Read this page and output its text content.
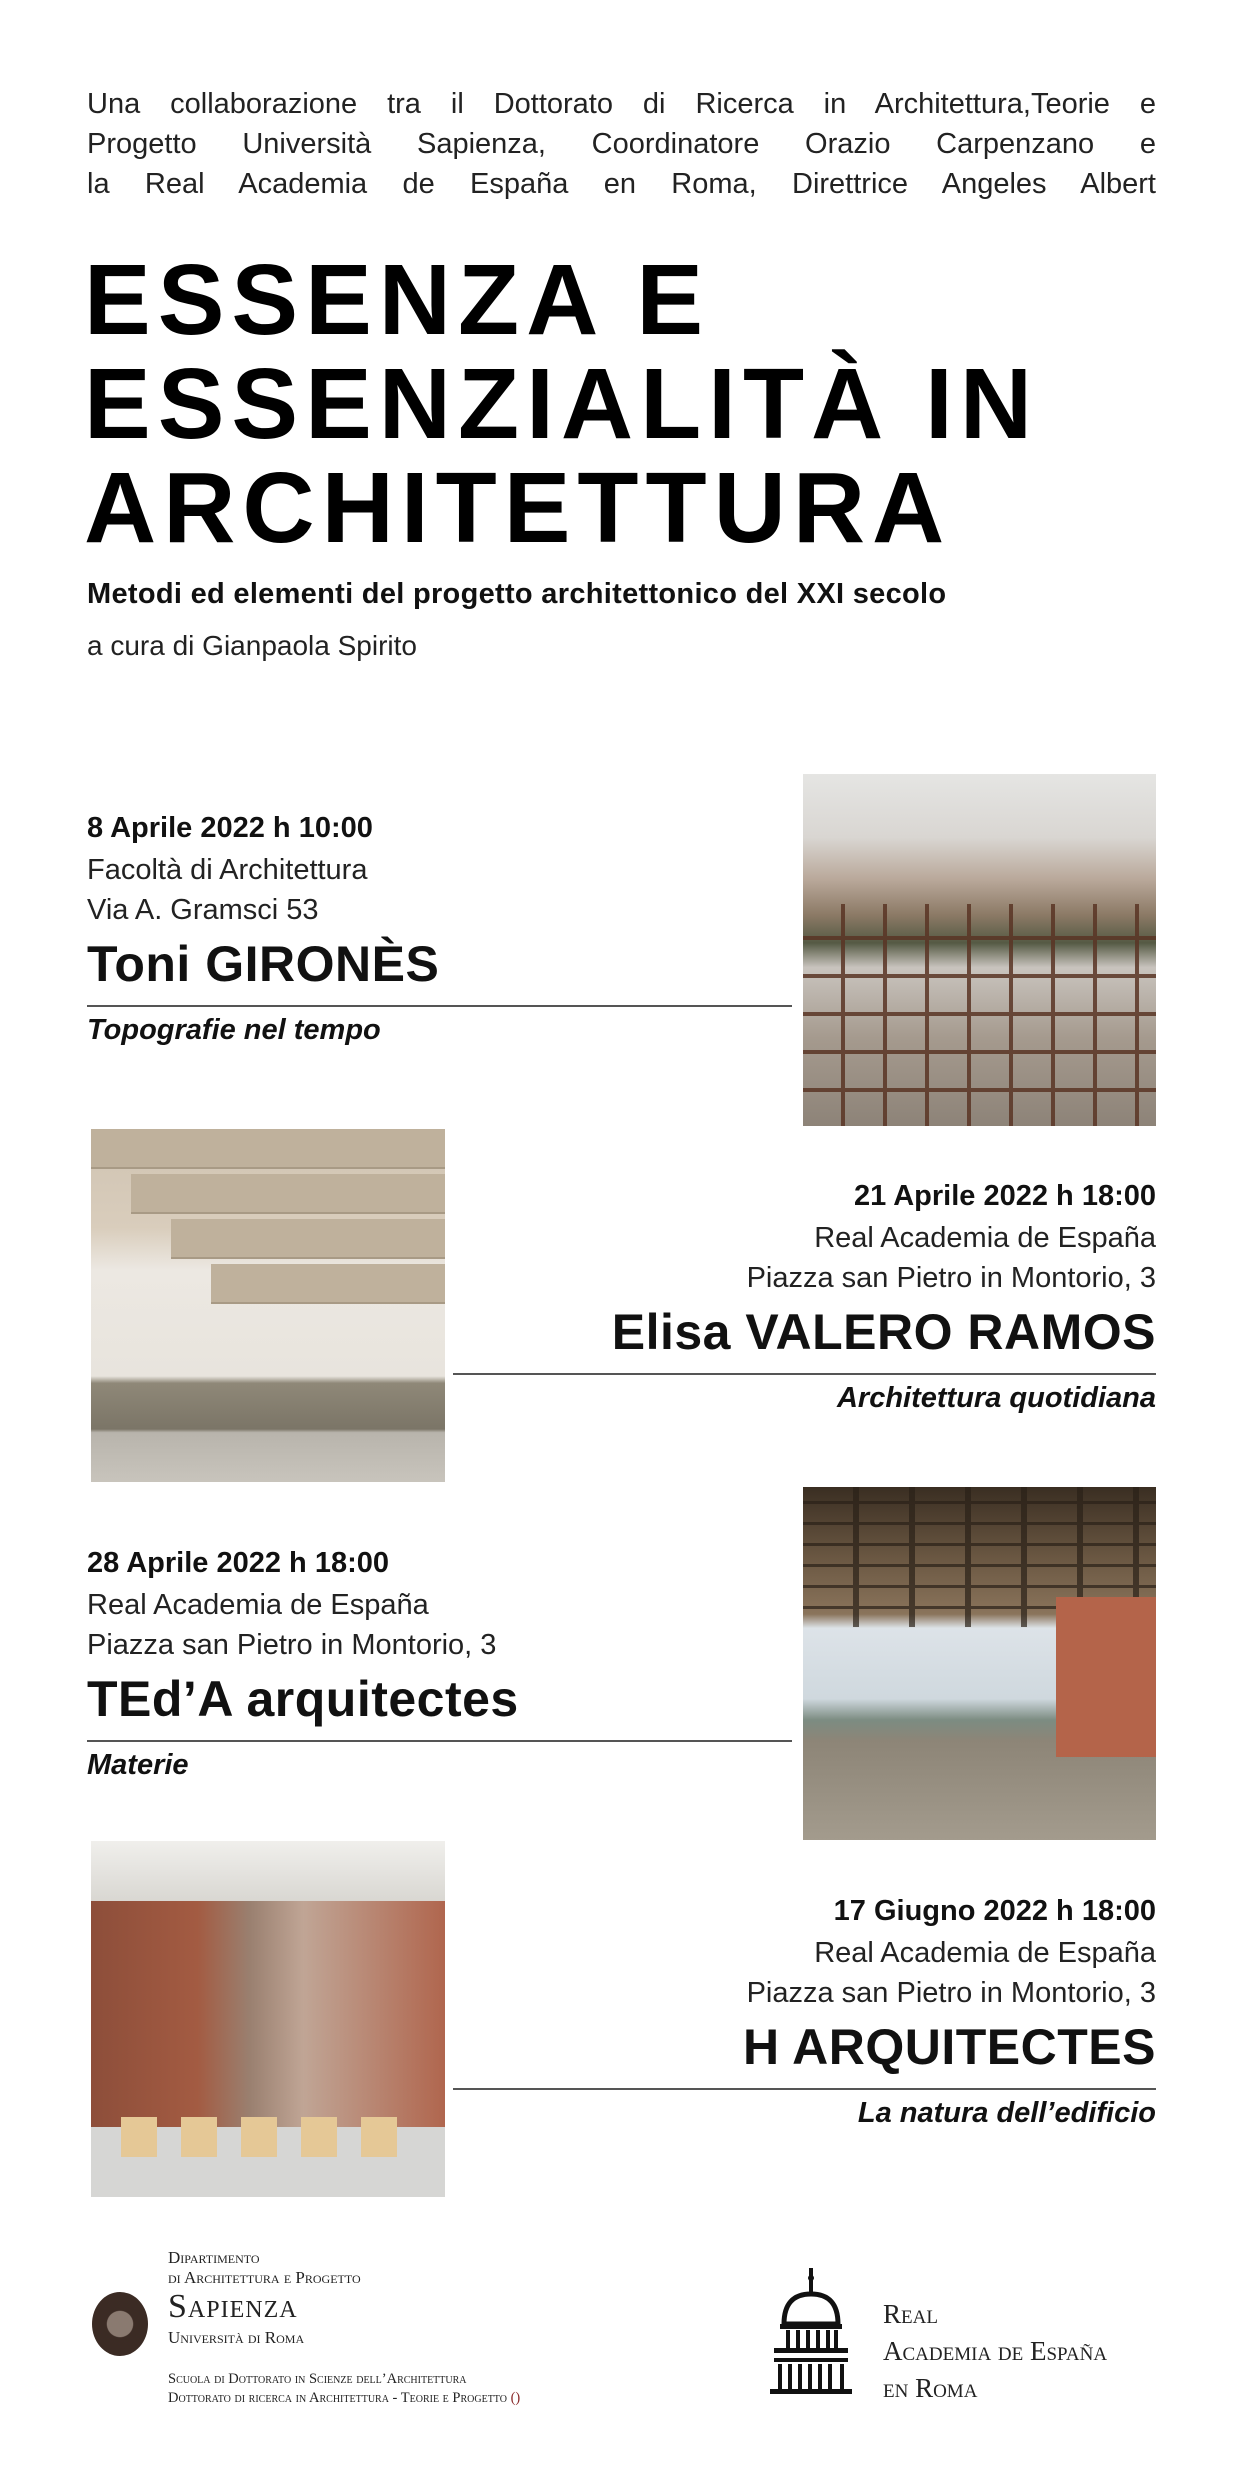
Una collaborazione tra il Dottorato di Ricerca in Architettura,Teorie e
Progetto Università Sapienza, Coordinatore Orazio Carpenzano e
la Real Academia de España en Roma, Direttrice Angeles Albert
ESSENZA E
ESSENZIALITÀ IN
ARCHITETTURA
Metodi ed elementi del progetto architettonico del XXI secolo
a cura di Gianpaola Spirito
8 Aprile 2022 h 10:00
Facoltà di Architettura
Via A. Gramsci 53
Toni GIRONÈS
Topografie nel tempo
21 Aprile 2022 h 18:00
Real Academia de España
Piazza san Pietro in Montorio, 3
Elisa VALERO RAMOS
Architettura quotidiana
28 Aprile 2022 h 18:00
Real Academia de España
Piazza san Pietro in Montorio, 3
TEd’A arquitectes
Materie
17 Giugno 2022 h 18:00
Real Academia de España
Piazza san Pietro in Montorio, 3
H ARQUITECTES
La natura dell’edificio
Dipartimento
di Architettura e Progetto
Sapienza
Università di Roma
Scuola di Dottorato in Scienze dell’Architettura
Dottorato di ricerca in Architettura - Teorie e Progetto ()
Real
Academia de España
en Roma
